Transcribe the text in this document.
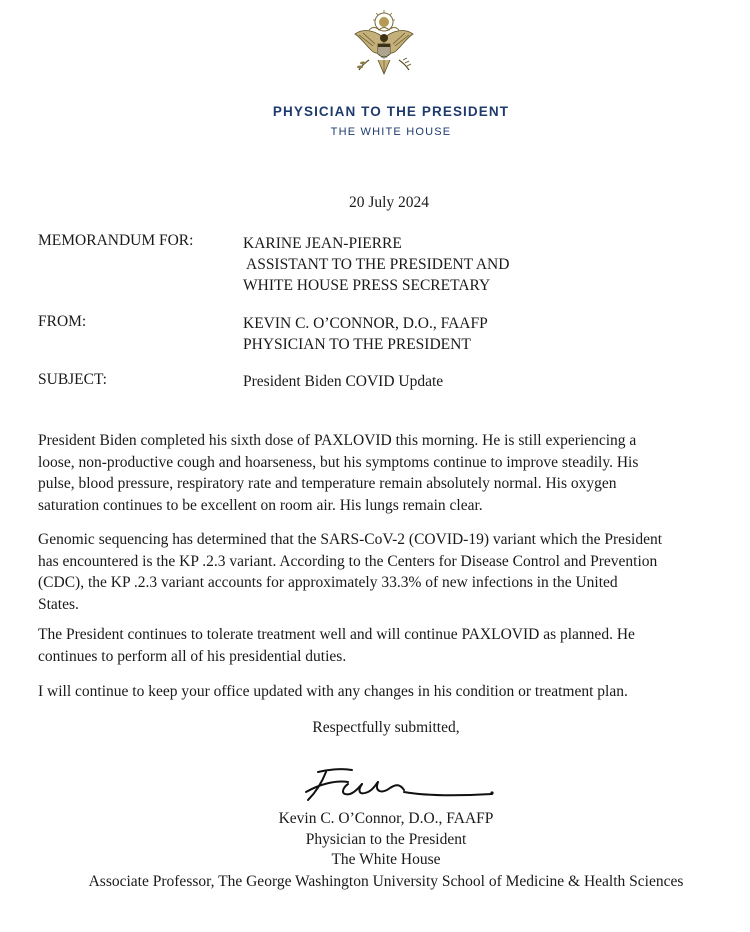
PHYSICIAN TO THE PRESIDENT
THE WHITE HOUSE
20 July 2024
MEMORANDUM FOR:	KARINE JEAN-PIERRE
ASSISTANT TO THE PRESIDENT AND
WHITE HOUSE PRESS SECRETARY
FROM:	KEVIN C. O’CONNOR, D.O., FAAFP
PHYSICIAN TO THE PRESIDENT
SUBJECT:	President Biden COVID Update
President Biden completed his sixth dose of PAXLOVID this morning. He is still experiencing a
loose, non-productive cough and hoarseness, but his symptoms continue to improve steadily. His
pulse, blood pressure, respiratory rate and temperature remain absolutely normal. His oxygen
saturation continues to be excellent on room air. His lungs remain clear.
Genomic sequencing has determined that the SARS-CoV-2 (COVID-19) variant which the President
has encountered is the KP .2.3 variant. According to the Centers for Disease Control and Prevention
(CDC), the KP .2.3 variant accounts for approximately 33.3% of new infections in the United
States.
The President continues to tolerate treatment well and will continue PAXLOVID as planned. He
continues to perform all of his presidential duties.
I will continue to keep your office updated with any changes in his condition or treatment plan.
Respectfully submitted,
Kevin C. O’Connor, D.O., FAAFP
Physician to the President
The White House
Associate Professor, The George Washington University School of Medicine & Health Sciences
